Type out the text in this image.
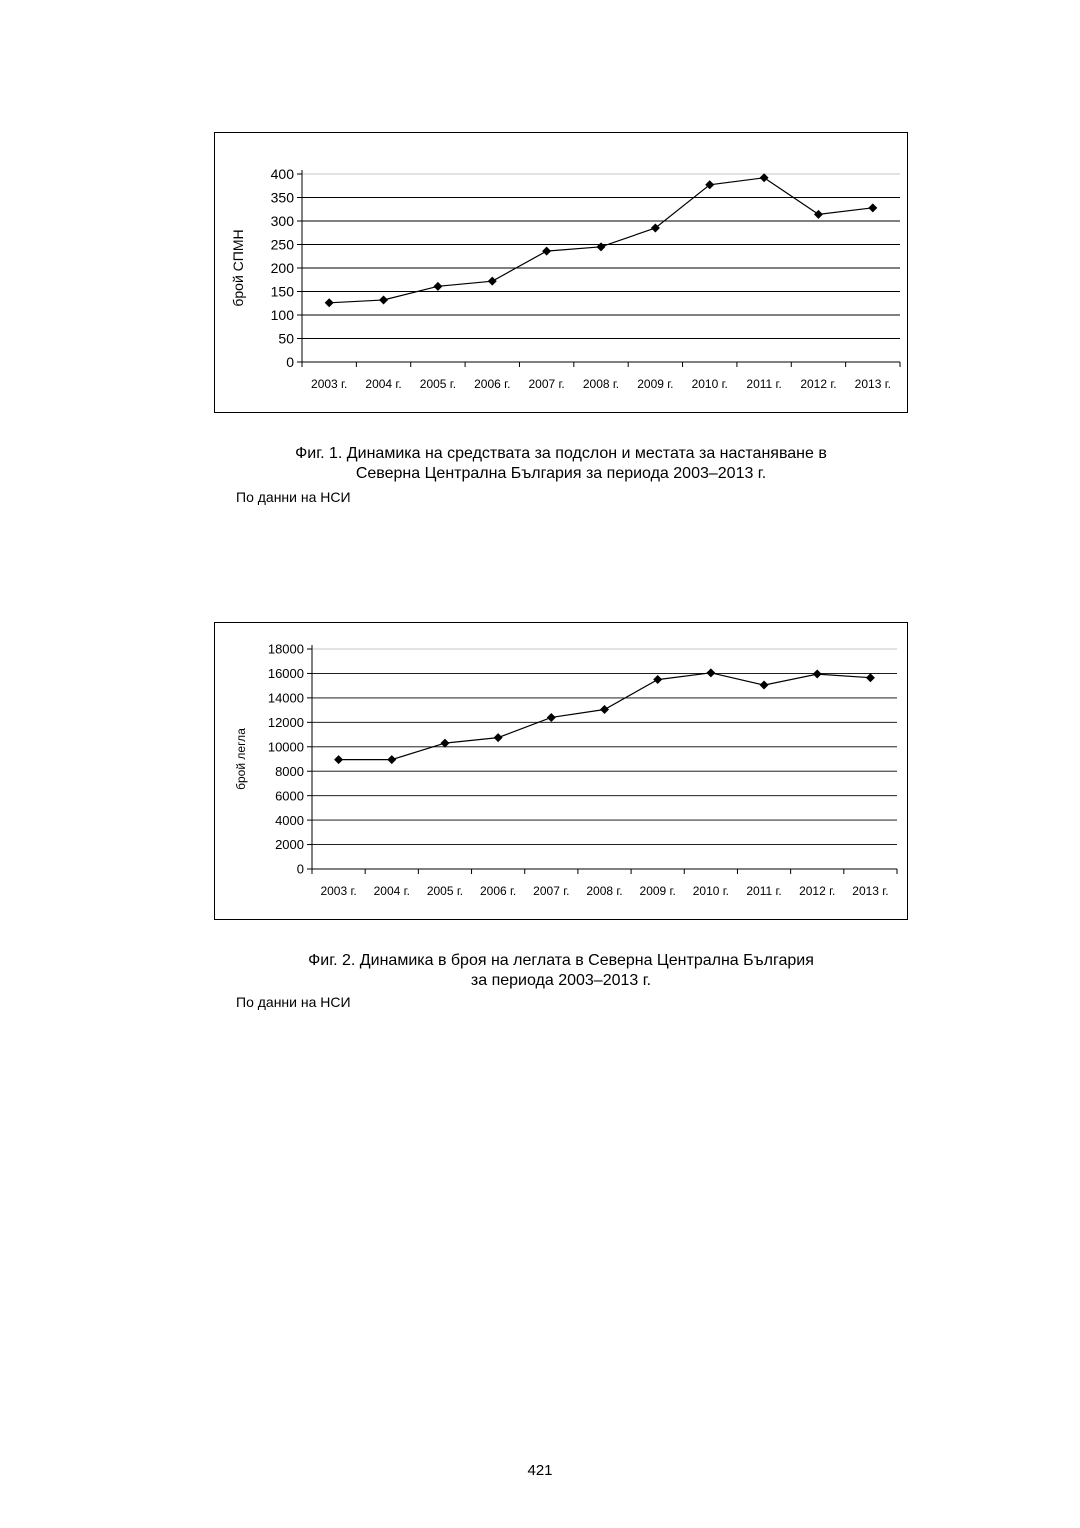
0
50
100
150
200
250
300
350
400
2003 г. 2004 г. 2005 г. 2006 г. 2007 г. 2008 г. 2009 г. 2010 г. 2011 г. 2012 г. 2013 г.
брой СПМН
Фиг. 1. Динамика на средствата за подслон и местата за настаняване в
Северна Централна България за периода 2003–2013 г.
По данни на НСИ
0
2000
4000
6000
8000
10000
12000
14000
16000
18000
2003 г. 2004 г. 2005 г. 2006 г. 2007 г. 2008 г. 2009 г. 2010 г. 2011 г. 2012 г. 2013 г.
брой легла
Фиг. 2. Динамика в броя на леглата в Северна Централна България
за периода 2003–2013 г.
По данни на НСИ
421
